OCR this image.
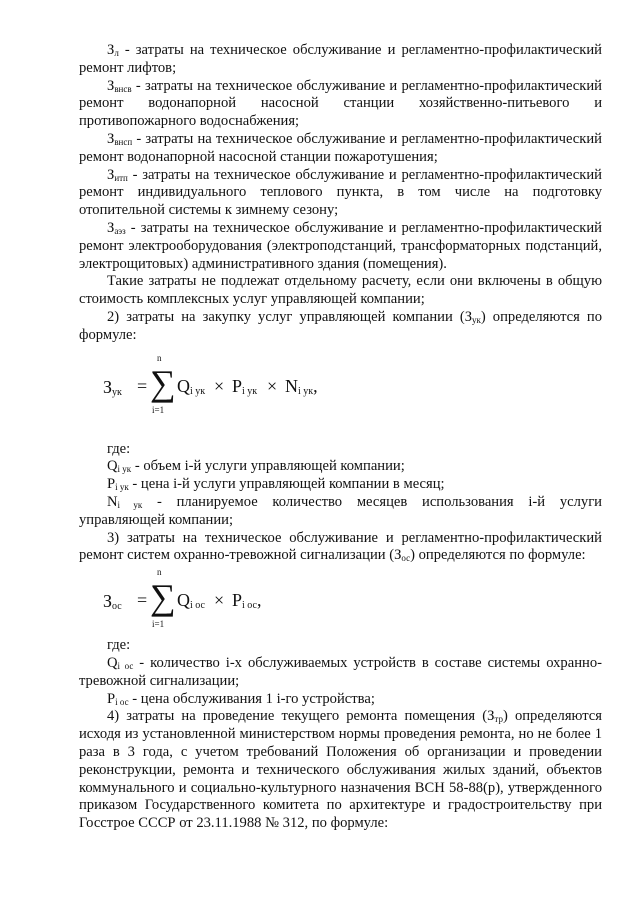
$З_л$ - затраты на техническое обслуживание и регламентно-профилактический ремонт лифтов;

$З_{внсв}$ - затраты на техническое обслуживание и регламентно-профилактический ремонт водонапорной насосной станции хозяйственно-питьевого и противопожарного водоснабжения;

$З_{внсп}$ - затраты на техническое обслуживание и регламентно-профилактический ремонт водонапорной насосной станции пожаротушения;

$З_{итп}$ - затраты на техническое обслуживание и регламентно-профилактический ремонт индивидуального теплового пункта, в том числе на подготовку отопительной системы к зимнему сезону;

$З_{аэз}$ - затраты на техническое обслуживание и регламентно-профилактический ремонт электрооборудования (электроподстанций, трансформаторных подстанций, электрощитовых) административного здания (помещения).

Такие затраты не подлежат отдельному расчету, если они включены в общую стоимость комплексных услуг управляющей компании;

2) затраты на закупку услуг управляющей компании $(З_{ук})$ определяются по формуле:

$З_{ук}$ =
n
∑
i=1
$Q_{i ук} \times P_{i ук} \times N_{i ук}$,

где:

$Q_{i ук}$ - объем i-й услуги управляющей компании;

$P_{i ук}$ - цена i-й услуги управляющей компании в месяц;

$N_{i ук}$ - планируемое количество месяцев использования i-й услуги управляющей компании;

3) затраты на техническое обслуживание и регламентно-профилактический ремонт систем охранно-тревожной сигнализации $(З_{ос})$ определяются по формуле:

$З_{ос}$ =
n
∑
i=1
$Q_{i ос} \times P_{i ос}$,

где:

$Q_{i ос}$ - количество i-х обслуживаемых устройств в составе системы охранно-тревожной сигнализации;

$P_{i ос}$ - цена обслуживания 1 i-го устройства;

4) затраты на проведение текущего ремонта помещения $(З_{тр})$ определяются исходя из установленной министерством нормы проведения ремонта, но не более 1 раза в 3 года, с учетом требований Положения об организации и проведении реконструкции, ремонта и технического обслуживания жилых зданий, объектов коммунального и социально-культурного назначения ВСН 58-88(р), утвержденного приказом Государственного комитета по архитектуре и градостроительству при Госстрое СССР от 23.11.1988 № 312, по формуле:
